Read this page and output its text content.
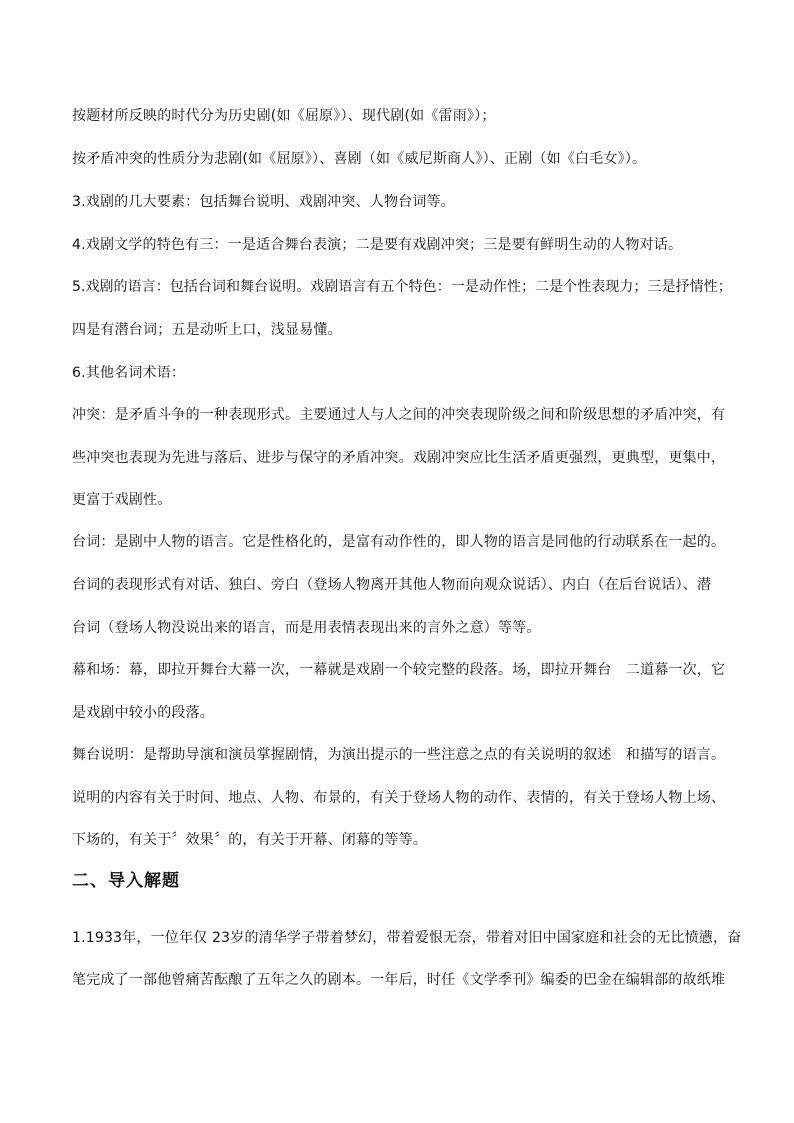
按题材所反映的时代分为历史剧(如《屈原》）、现代剧(如《雷雨》）；
按矛盾冲突的性质分为悲剧(如《屈原》）、喜剧（如《威尼斯商人》）、正剧（如《白毛女》）。
3.戏剧的几大要素：包括舞台说明、戏剧冲突、人物台词等。
4.戏剧文学的特色有三：一是适合舞台表演；二是要有戏剧冲突；三是要有鲜明生动的人物对话。
5.戏剧的语言：包括台词和舞台说明。戏剧语言有五个特色：一是动作性；二是个性表现力；三是抒情性；
四是有潜台词；五是动听上口，浅显易懂。
6.其他名词术语：
冲突：是矛盾斗争的一种表现形式。主要通过人与人之间的冲突表现阶级之间和阶级思想的矛盾冲突，有
些冲突也表现为先进与落后、进步与保守的矛盾冲突。戏剧冲突应比生活矛盾更强烈，更典型，更集中，
更富于戏剧性。
台词：是剧中人物的语言。它是性格化的，是富有动作性的，即人物的语言是同他的行动联系在一起的。
台词的表现形式有对话、独白、旁白（登场人物离开其他人物而向观众说话）、内白（在后台说话）、潜
台词（登场人物没说出来的语言，而是用表情表现出来的言外之意）等等。
幕和场：幕，即拉开舞台大幕一次，一幕就是戏剧一个较完整的段落。场，即拉开舞台　二道幕一次，它
是戏剧中较小的段落。
舞台说明：是帮助导演和演员掌握剧情，为演出提示的一些注意之点的有关说明的叙述　和描写的语言。
说明的内容有关于时间、地点、人物、布景的，有关于登场人物的动作、表情的，有关于登场人物上场、
下场的，有关于〞效果〞的，有关于开幕、闭幕的等等。
二、导入解题
1.1933年，一位年仅 23岁的清华学子带着梦幻，带着爱恨无奈，带着对旧中国家庭和社会的无比愤懑，奋
笔完成了一部他曾痛苦酝酿了五年之久的剧本。一年后，时任《文学季刊》编委的巴金在编辑部的故纸堆
